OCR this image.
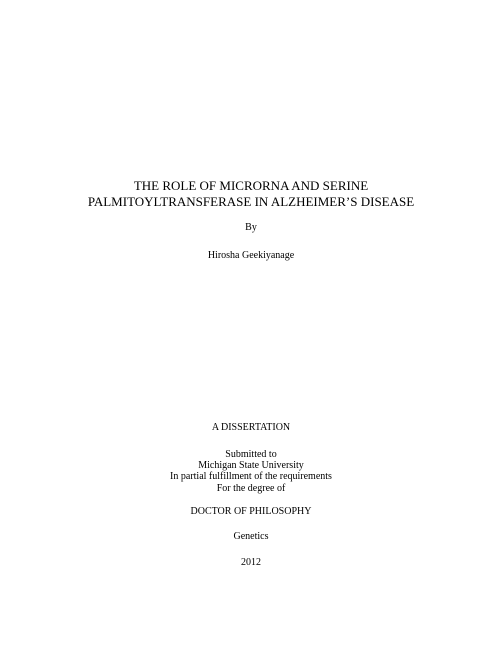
THE ROLE OF MICRORNA AND SERINE
PALMITOYLTRANSFERASE IN ALZHEIMER’S DISEASE
By
Hirosha Geekiyanage
A DISSERTATION
Submitted to
Michigan State University
In partial fulfillment of the requirements
For the degree of
DOCTOR OF PHILOSOPHY
Genetics
2012
